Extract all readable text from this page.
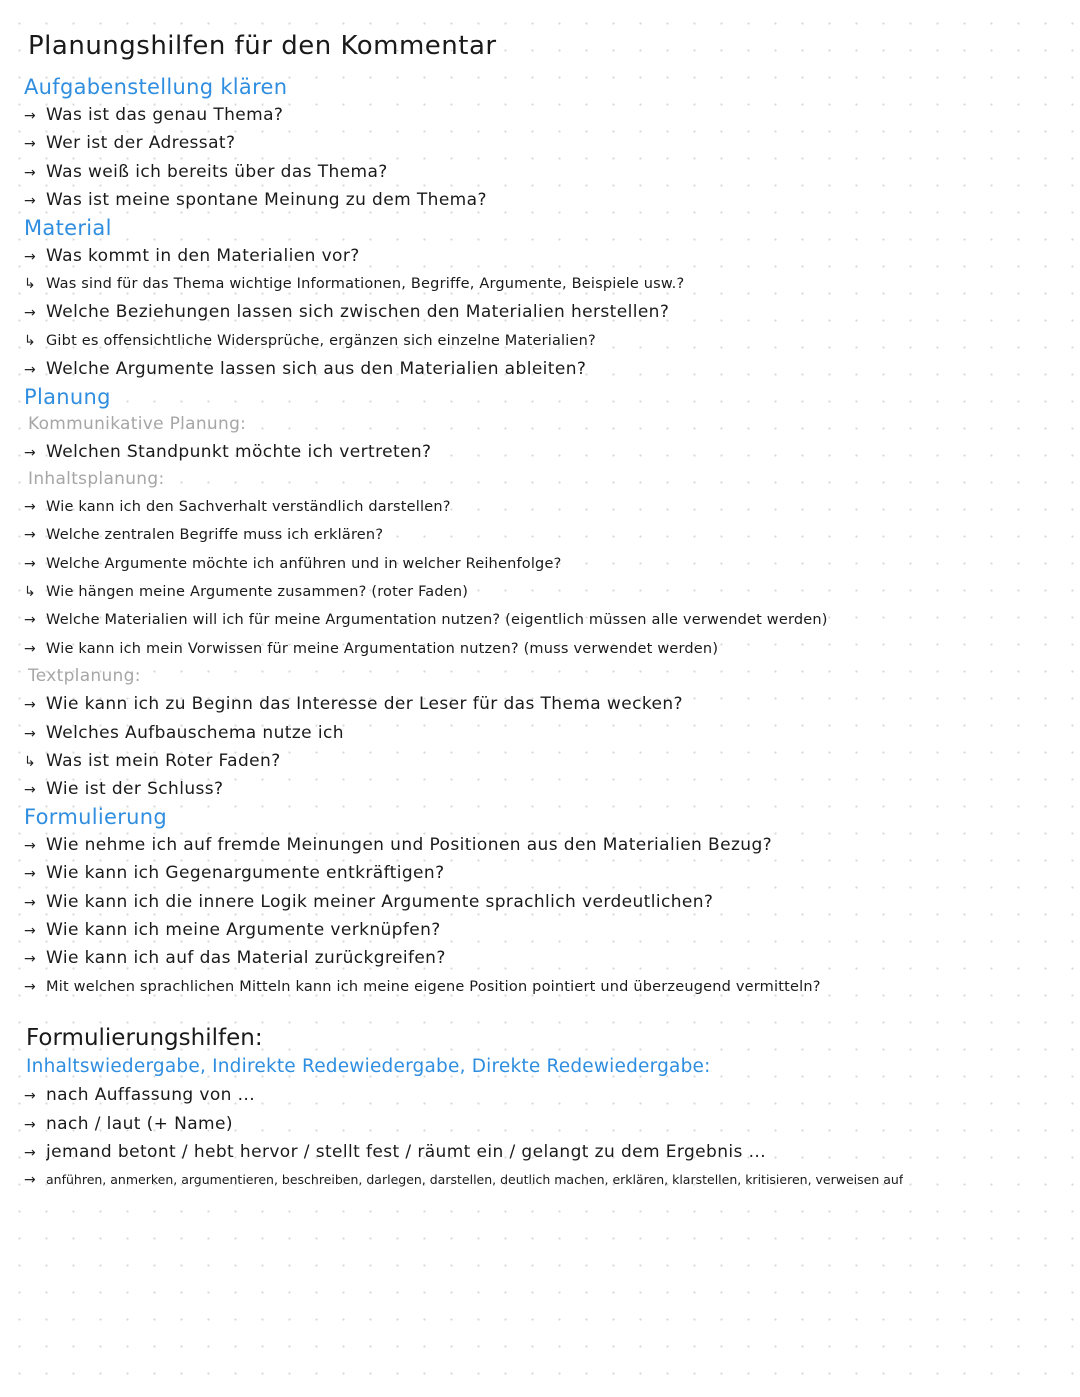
Planungshilfen für den Kommentar
Aufgabenstellung klären
→ Was ist das genau Thema?
→ Wer ist der Adressat?
→ Was weiß ich bereits über das Thema?
→ Was ist meine spontane Meinung zu dem Thema?
Material
→ Was kommt in den Materialien vor?
↳ Was sind für das Thema wichtige Informationen, Begriffe, Argumente, Beispiele usw.?
→ Welche Beziehungen lassen sich zwischen den Materialien herstellen?
↳ Gibt es offensichtliche Widersprüche, ergänzen sich einzelne Materialien?
→ Welche Argumente lassen sich aus den Materialien ableiten?
Planung
Kommunikative Planung:
→ Welchen Standpunkt möchte ich vertreten?
Inhaltsplanung:
→ Wie kann ich den Sachverhalt verständlich darstellen?
→ Welche zentralen Begriffe muss ich erklären?
→ Welche Argumente möchte ich anführen und in welcher Reihenfolge?
↳ Wie hängen meine Argumente zusammen? (roter Faden)
→ Welche Materialien will ich für meine Argumentation nutzen? (eigentlich müssen alle verwendet werden)
→ Wie kann ich mein Vorwissen für meine Argumentation nutzen? (muss verwendet werden)
Textplanung:
→ Wie kann ich zu Beginn das Interesse der Leser für das Thema wecken?
→ Welches Aufbauschema nutze ich
↳ Was ist mein Roter Faden?
→ Wie ist der Schluss?
Formulierung
→ Wie nehme ich auf fremde Meinungen und Positionen aus den Materialien Bezug?
→ Wie kann ich Gegenargumente entkräftigen?
→ Wie kann ich die innere Logik meiner Argumente sprachlich verdeutlichen?
→ Wie kann ich meine Argumente verknüpfen?
→ Wie kann ich auf das Material zurückgreifen?
→ Mit welchen sprachlichen Mitteln kann ich meine eigene Position pointiert und überzeugend vermitteln?
Formulierungshilfen:
Inhaltswiedergabe, Indirekte Redewiedergabe, Direkte Redewiedergabe:
→ nach Auffassung von ...
→ nach / laut (+ Name)
→ jemand betont / hebt hervor / stellt fest / räumt ein / gelangt zu dem Ergebnis ...
→ anführen, anmerken, argumentieren, beschreiben, darlegen, darstellen, deutlich machen, erklären, klarstellen, kritisieren, verweisen auf
